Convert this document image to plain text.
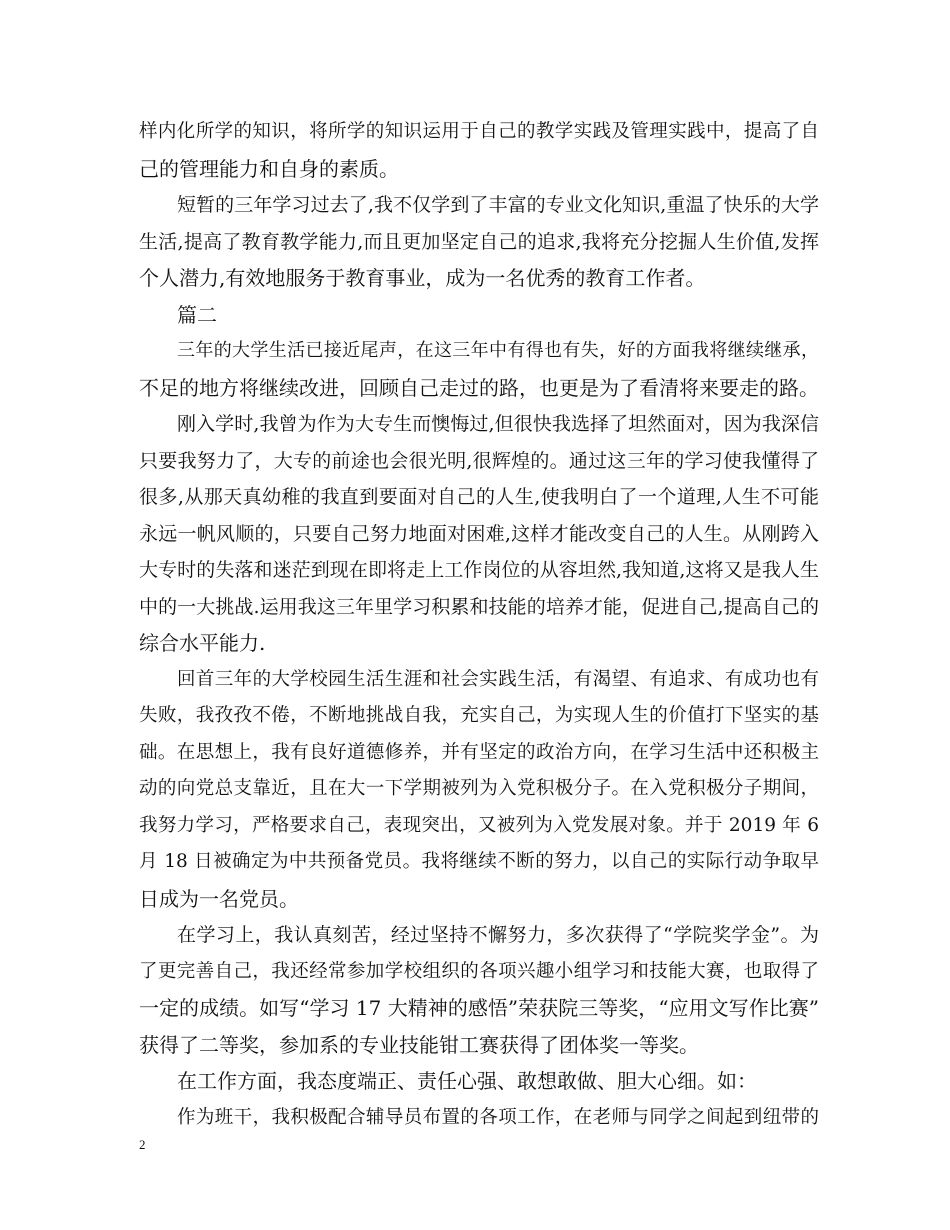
样内化所学的知识，将所学的知识运用于自己的教学实践及管理实践中，提高了自
己的管理能力和自身的素质。
短暂的三年学习过去了,我不仅学到了丰富的专业文化知识,重温了快乐的大学
生活,提高了教育教学能力,而且更加坚定自己的追求,我将充分挖掘人生价值,发挥
个人潜力,有效地服务于教育事业，成为一名优秀的教育工作者。
篇二
三年的大学生活已接近尾声，在这三年中有得也有失，好的方面我将继续继承，
不足的地方将继续改进，回顾自己走过的路，也更是为了看清将来要走的路。
刚入学时,我曾为作为大专生而懊悔过,但很快我选择了坦然面对，因为我深信
只要我努力了，大专的前途也会很光明,很辉煌的。通过这三年的学习使我懂得了
很多,从那天真幼稚的我直到要面对自己的人生,使我明白了一个道理,人生不可能
永远一帆风顺的，只要自己努力地面对困难,这样才能改变自己的人生。从刚跨入
大专时的失落和迷茫到现在即将走上工作岗位的从容坦然,我知道,这将又是我人生
中的一大挑战.运用我这三年里学习积累和技能的培养才能，促进自己,提高自己的
综合水平能力.
回首三年的大学校园生活生涯和社会实践生活，有渴望、有追求、有成功也有
失败，我孜孜不倦，不断地挑战自我，充实自己，为实现人生的价值打下坚实的基
础。在思想上，我有良好道德修养，并有坚定的政治方向，在学习生活中还积极主
动的向党总支靠近，且在大一下学期被列为入党积极分子。在入党积极分子期间，
我努力学习，严格要求自己，表现突出，又被列为入党发展对象。并于 2019 年 6
月 18 日被确定为中共预备党员。我将继续不断的努力，以自己的实际行动争取早
日成为一名党员。
在学习上，我认真刻苦，经过坚持不懈努力，多次获得了“学院奖学金”。为
了更完善自己，我还经常参加学校组织的各项兴趣小组学习和技能大赛，也取得了
一定的成绩。如写“学习 17 大精神的感悟”荣获院三等奖，“应用文写作比赛”
获得了二等奖，参加系的专业技能钳工赛获得了团体奖一等奖。
在工作方面，我态度端正、责任心强、敢想敢做、胆大心细。如：
作为班干，我积极配合辅导员布置的各项工作，在老师与同学之间起到纽带的
2
